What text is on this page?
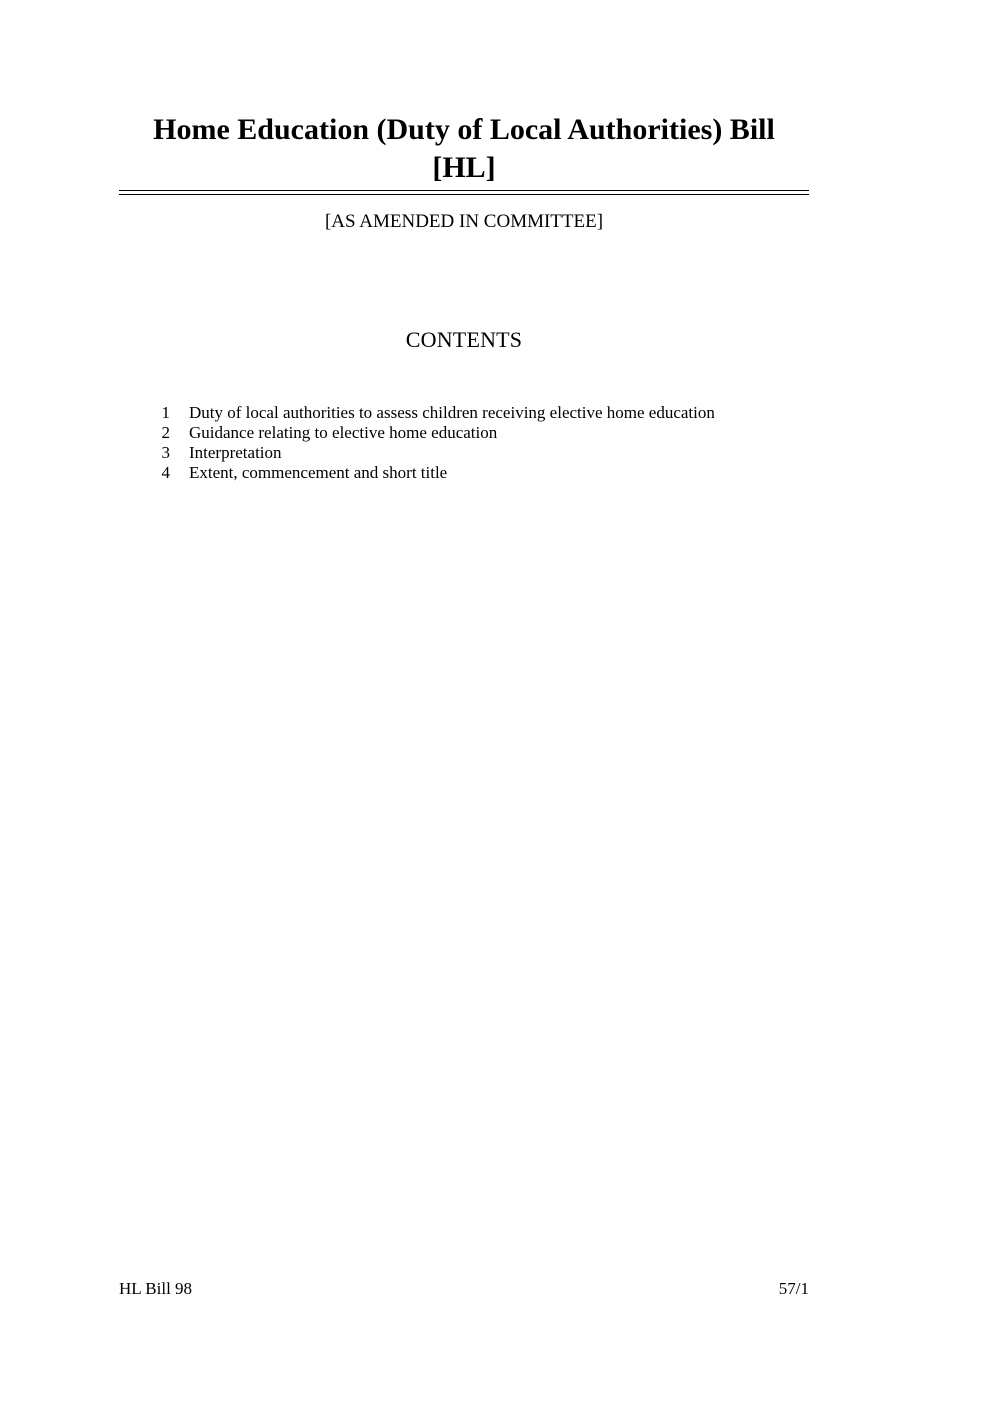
Home Education (Duty of Local Authorities) Bill [HL]
[AS AMENDED IN COMMITTEE]
CONTENTS
1 Duty of local authorities to assess children receiving elective home education
2 Guidance relating to elective home education
3 Interpretation
4 Extent, commencement and short title
HL Bill 98	57/1
